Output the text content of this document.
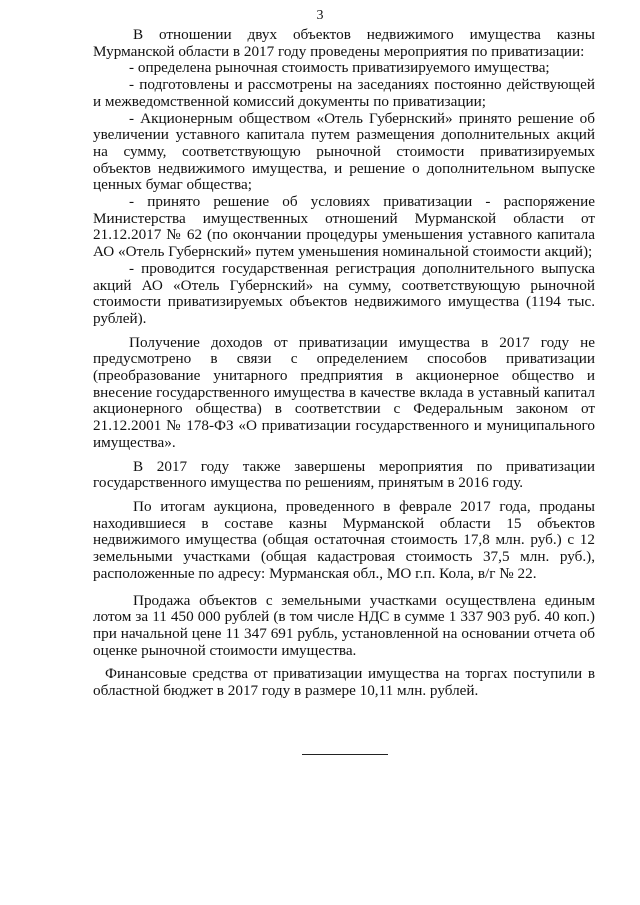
3

В отношении двух объектов недвижимого имущества казны Мурманской области в 2017 году проведены мероприятия по приватизации:

- определена рыночная стоимость приватизируемого имущества;

- подготовлены и рассмотрены на заседаниях постоянно действующей и межведомственной комиссий документы по приватизации;

- Акционерным обществом «Отель Губернский» принято решение об увеличении уставного капитала путем размещения дополнительных акций на сумму, соответствующую рыночной стоимости приватизируемых объектов недвижимого имущества, и решение о дополнительном выпуске ценных бумаг общества;

- принято решение об условиях приватизации - распоряжение Министерства имущественных отношений Мурманской области от 21.12.2017 № 62 (по окончании процедуры уменьшения уставного капитала АО «Отель Губернский» путем уменьшения номинальной стоимости акций);

- проводится государственная регистрация дополнительного выпуска акций АО «Отель Губернский» на сумму, соответствующую рыночной стоимости приватизируемых объектов недвижимого имущества (1194 тыс. рублей).

Получение доходов от приватизации имущества в 2017 году не предусмотрено в связи с определением способов приватизации (преобразование унитарного предприятия в акционерное общество и внесение государственного имущества в качестве вклада в уставный капитал акционерного общества) в соответствии с Федеральным законом от 21.12.2001 № 178-ФЗ «О приватизации государственного и муниципального имущества».

В 2017 году также завершены мероприятия по приватизации государственного имущества по решениям, принятым в 2016 году.

По итогам аукциона, проведенного в феврале 2017 года, проданы находившиеся в составе казны Мурманской области 15 объектов недвижимого имущества (общая остаточная стоимость 17,8 млн. руб.) с 12 земельными участками (общая кадастровая стоимость 37,5 млн. руб.), расположенные по адресу: Мурманская обл., МО г.п. Кола, в/г № 22.

Продажа объектов с земельными участками осуществлена единым лотом за 11 450 000 рублей (в том числе НДС в сумме 1 337 903 руб. 40 коп.) при начальной цене 11 347 691 рубль, установленной на основании отчета об оценке рыночной стоимости имущества.

Финансовые средства от приватизации имущества на торгах поступили в областной бюджет в 2017 году в размере 10,11 млн. рублей.
